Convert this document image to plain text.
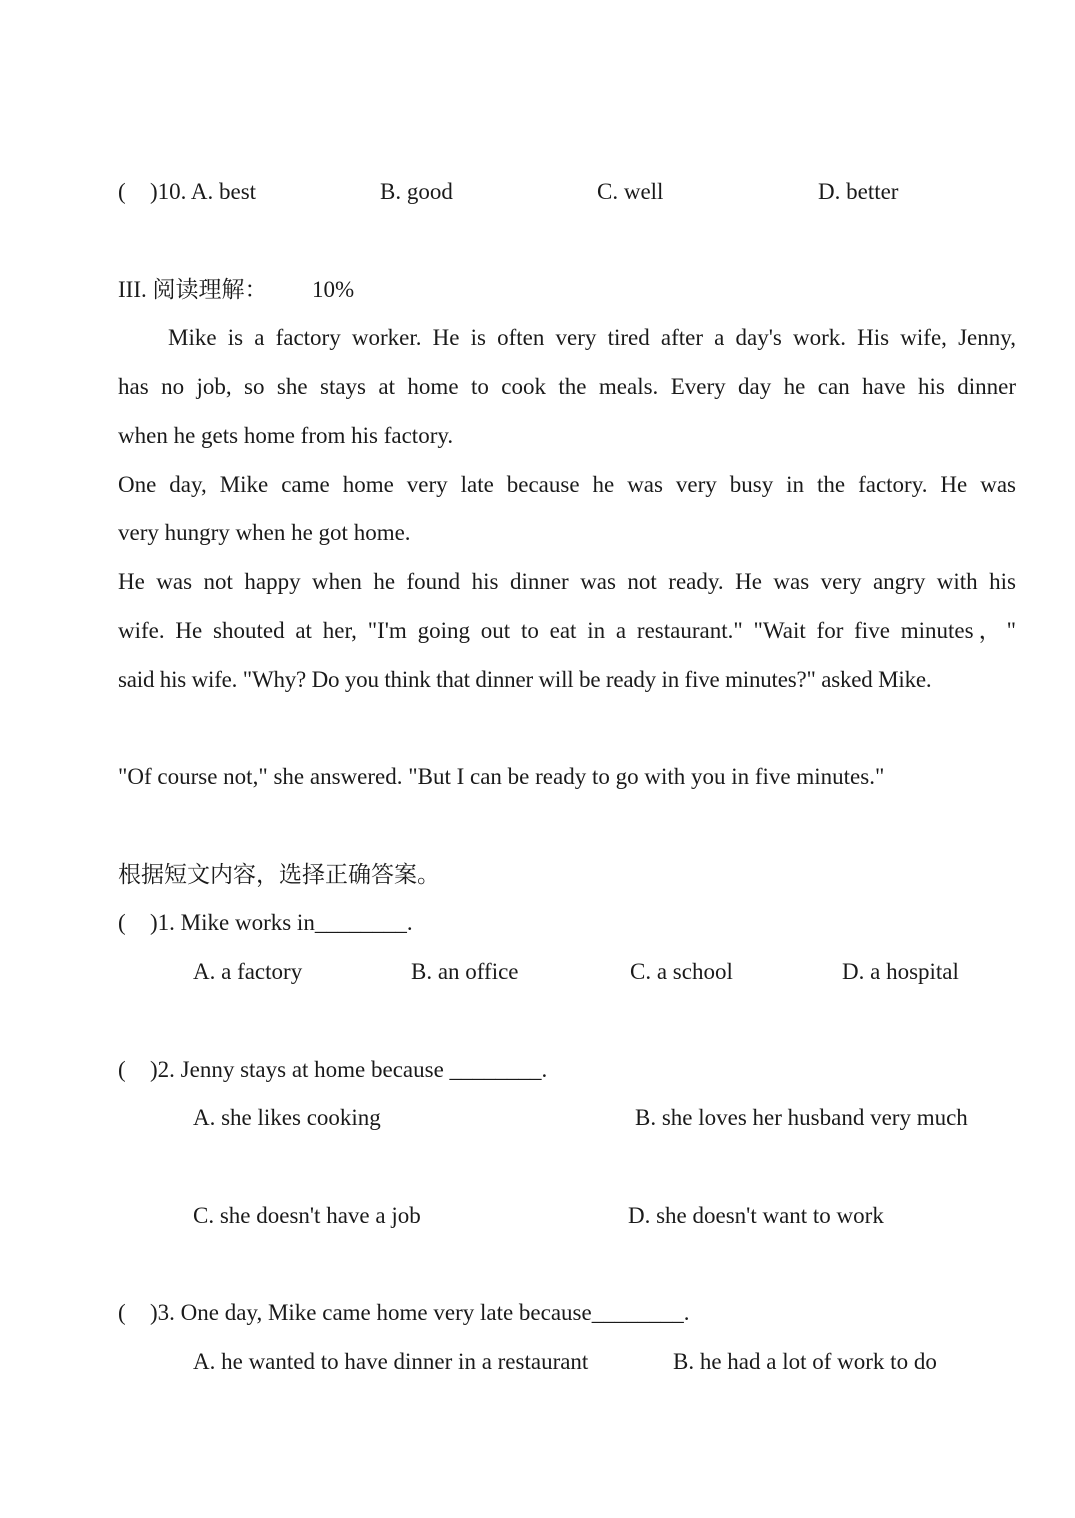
( )10. A. best	B. good	C. well	D. better
III. 阅读理解： 10%
Mike is a factory worker. He is often very tired after a day's work. His wife, Jenny,
has no job, so she stays at home to cook the meals. Every day he can have his dinner
when he gets home from his factory.
One day, Mike came home very late because he was very busy in the factory. He was
very hungry when he got home.
He was not happy when he found his dinner was not ready. He was very angry with his
wife. He shouted at her, "I'm going out to eat in a restaurant." "Wait for five minutes，"
said his wife. "Why? Do you think that dinner will be ready in five minutes?" asked Mike.
"Of course not," she answered. "But I can be ready to go with you in five minutes."
根据短文内容，选择正确答案。
( )1. Mike works in________.
A. a factory	B. an office	C. a school	D. a hospital
( )2. Jenny stays at home because ________.
A. she likes cooking	B. she loves her husband very much
C. she doesn't have a job	D. she doesn't want to work
( )3. One day, Mike came home very late because________.
A. he wanted to have dinner in a restaurant	B. he had a lot of work to do
